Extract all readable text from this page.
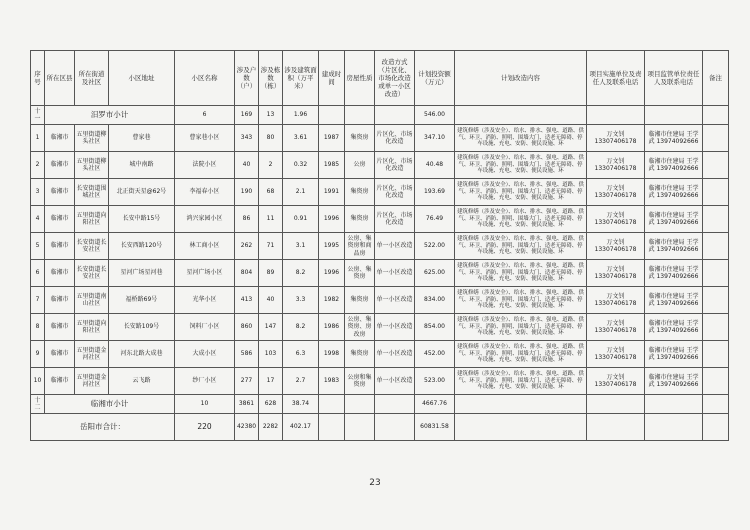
序号	所在区县	所在街道及社区	小区地址	小区名称	涉及户数（户）	涉及栋数（栋）	涉及建筑面积（万平米）	建成时间	房屋性质	改造方式（片区化、市场化改造或单一小区改造）	计划投资额（万元）	计划改造内容	项目实施单位及责任人及联系电话	项目监管单位责任人及联系电话	备注
十一	汨罗市小计			6	169	13	1.96				546.00				
1	临湘市	五里街道柳头社区	曹家巷	曹家巷小区	343	80	3.61	1987	集资房	片区化、市场化改造	347.10	建筑修缮（涉及安全）、给水、排水、强电、道路、供气、环卫、消防、照明、围墙大门、适老无障碍、停车设施、充电、安防、便民设施、环	万文钊 13307406178	临湘市住建局 王学武 13974092666	
2	临湘市	五里街道柳头社区	城中南路	法院小区	40	2	0.32	1985	公房	片区化、市场化改造	40.48	建筑修缮（涉及安全）、给水、排水、强电、道路、供气、环卫、消防、照明、围墙大门、适老无障碍、停车设施、充电、安防、便民设施、环	万文钊 13307406178	临湘市住建局 王学武 13974092666	
3	临湘市	长安街道围城社区	北正街天星@62号	李福春小区	190	68	2.1	1991	集资房	片区化、市场化改造	193.69	建筑修缮（涉及安全）、给水、排水、强电、道路、供气、环卫、消防、照明、围墙大门、适老无障碍、停车设施、充电、安防、便民设施、环	万文钊 13307406178	临湘市住建局 王学武 13974092666	
4	临湘市	五里街道向阳社区	长安中路15号	鸿兴家园小区	86	11	0.91	1996	集资房	片区化、市场化改造	76.49	建筑修缮（涉及安全）、给水、排水、强电、道路、供气、环卫、消防、照明、围墙大门、适老无障碍、停车设施、充电、安防、便民设施、环	万文钊 13307406178	临湘市住建局 王学武 13974092666	
5	临湘市	长安街道长安社区	长安西路120号	林工商小区	262	71	3.1	1995	公房、集资房和商品房	单一小区改造	522.00	建筑修缮（涉及安全）、给水、排水、强电、道路、供气、环卫、消防、照明、围墙大门、适老无障碍、停车设施、充电、安防、便民设施、环	万文钊 13307406178	临湘市住建局 王学武 13974092666	
6	临湘市	长安街道长安社区	星河广场星河巷	星河广场小区	804	89	8.2	1996	公房、集资房	单一小区改造	625.00	建筑修缮（涉及安全）、给水、排水、强电、道路、供气、环卫、消防、照明、围墙大门、适老无障碍、停车设施、充电、安防、便民设施、环	万文钊 13307406178	临湘市住建局 王学武 13974092666	
7	临湘市	五里街道南山社区	福桥路69号	光华小区	413	40	3.3	1982	集资房	单一小区改造	834.00	建筑修缮（涉及安全）、给水、排水、强电、道路、供气、环卫、消防、照明、围墙大门、适老无障碍、停车设施、充电、安防、便民设施、环	万文钊 13307406178	临湘市住建局 王学武 13974092666	
8	临湘市	五里街道向阳社区	长安路109号	饲料厂小区	860	147	8.2	1986	公房、集资房、房改房	单一小区改造	854.00	建筑修缮（涉及安全）、给水、排水、强电、道路、供气、环卫、消防、照明、围墙大门、适老无障碍、停车设施、充电、安防、便民设施、环	万文钊 13307406178	临湘市住建局 王学武 13974092666	
9	临湘市	五里街道金河社区	河东北路大成巷	大成小区	586	103	6.3	1998	集资房	单一小区改造	452.00	建筑修缮（涉及安全）、给水、排水、强电、道路、供气、环卫、消防、照明、围墙大门、适老无障碍、停车设施、充电、安防、便民设施、环	万文钊 13307406178	临湘市住建局 王学武 13974092666	
10	临湘市	五里街道金河社区	云飞路	纱厂小区	277	17	2.7	1983	公房和集资房	单一小区改造	523.00	建筑修缮（涉及安全）、给水、排水、强电、道路、供气、环卫、消防、照明、围墙大门、适老无障碍、停车设施、充电、安防、便民设施、环	万文钊 13307406178	临湘市住建局 王学武 13974092666	
十二	临湘市小计			10	3861	628	38.74				4667.76				
岳阳市合计：				220	42380	2282	402.17				60831.58				
23
